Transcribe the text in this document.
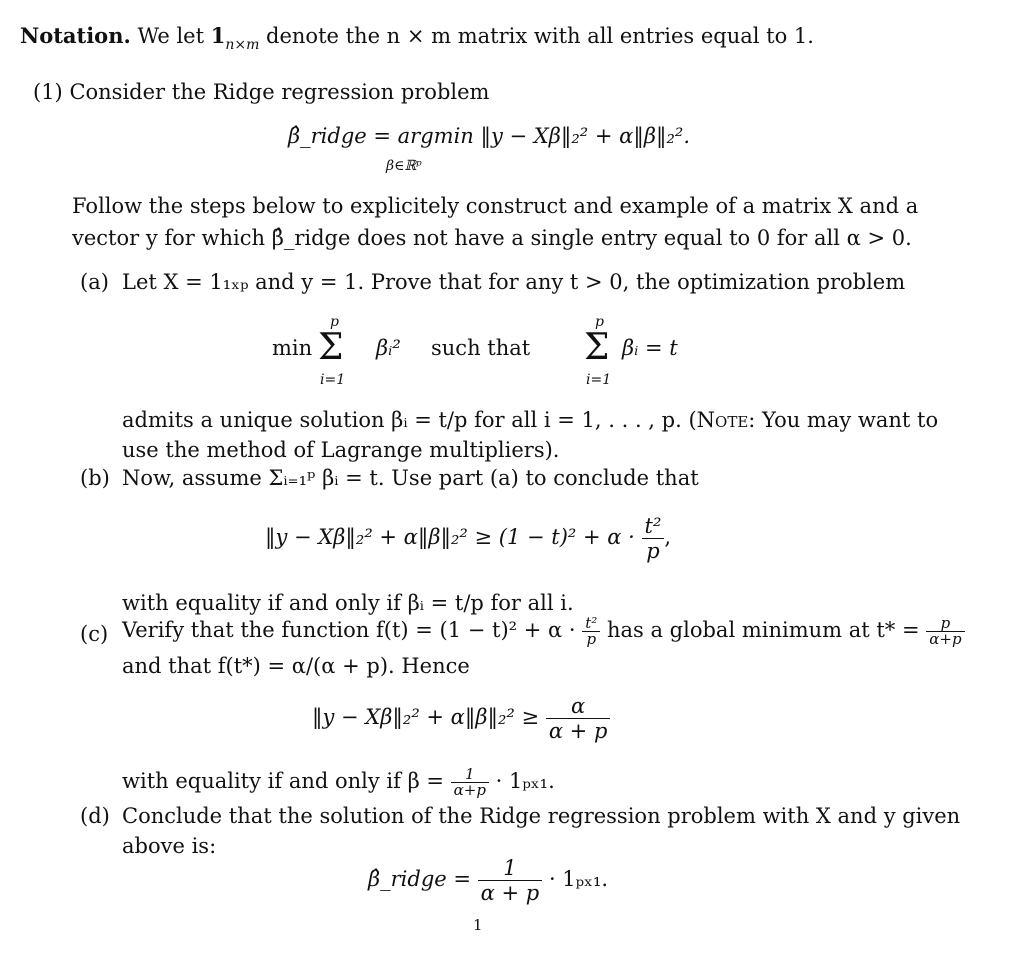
Notation. We let $1_{n\times m}$ denote the n × m matrix with all entries equal to 1.
(1) Consider the Ridge regression problem
β̂_ridge = argmin ‖y − Xβ‖₂² + α‖β‖₂².
β∈ℝᵖ
Follow the steps below to explicitely construct and example of a matrix X and a
vector y for which β̂_ridge does not have a single entry equal to 0 for all α > 0.
(a) Let X = 1₁ₓₚ and y = 1. Prove that for any t > 0, the optimization problem
min
p
Σ
i=1
βᵢ² such that
p
Σ
i=1
βᵢ = t
admits a unique solution βᵢ = t/p for all i = 1, . . . , p. (Note: You may want to
use the method of Lagrange multipliers).
(b) Now, assume Σᵢ₌₁ᵖ βᵢ = t. Use part (a) to conclude that
‖y − Xβ‖₂² + α‖β‖₂² ≥ $(1 - t)^2 + \alpha \cdot \frac{\text{t²}}{p}$ ,
with equality if and only if βᵢ = t/p for all i.
(c) Verify that the function $f(t) = (1 - t)^2 + \alpha \cdot \frac{\text{t²}}{p}$ has a global minimum at $t* = \frac{p}{\alpha+p}$
and that f(t*) = α/(α + p). Hence
‖y − Xβ‖₂² + α‖β‖₂² ≥ $\frac{\alpha}{\alpha + p}$
with equality if and only if $\beta = \frac{1}{\alpha+p} \cdot 1_{px1}$.
(d) Conclude that the solution of the Ridge regression problem with X and y given
above is:
β̂_ridge = $\frac{1}{\alpha + p} \cdot 1_{px1}$.
1
